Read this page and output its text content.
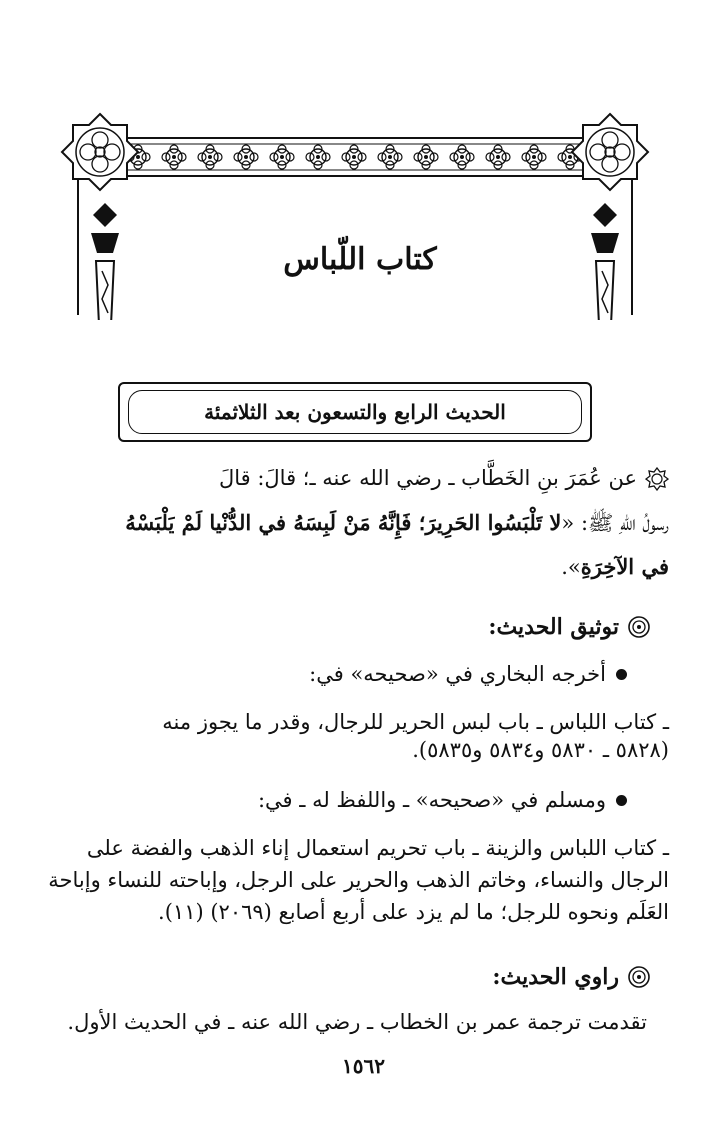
كتاب اللّباس
الحديث الرابع والتسعون بعد الثلاثمئة
عن عُمَرَ بنِ الخَطَّاب ـ رضي الله عنه ـ؛ قالَ: قالَ
رسولُ اللهِ ﷺ: «لا تَلْبَسُوا الحَرِيرَ؛ فَإِنَّهُ مَنْ لَبِسَهُ في الدُّنْيا لَمْ يَلْبَسْهُ
في الآخِرَةِ».
توثيق الحديث:
أخرجه البخاري في «صحيحه» في:
ـ كتاب اللباس ـ باب لبس الحرير للرجال، وقدر ما يجوز منه
(٥٨٢٨ ـ ٥٨٣٠ و٥٨٣٤ و٥٨٣٥).
ومسلم في «صحيحه» ـ واللفظ له ـ في:
ـ كتاب اللباس والزينة ـ باب تحريم استعمال إناء الذهب والفضة على
الرجال والنساء، وخاتم الذهب والحرير على الرجل، وإباحته للنساء وإباحة
العَلَم ونحوه للرجل؛ ما لم يزد على أربع أصابع (٢٠٦٩) (١١).
راوي الحديث:
تقدمت ترجمة عمر بن الخطاب ـ رضي الله عنه ـ في الحديث الأول.
١٥٦٢
